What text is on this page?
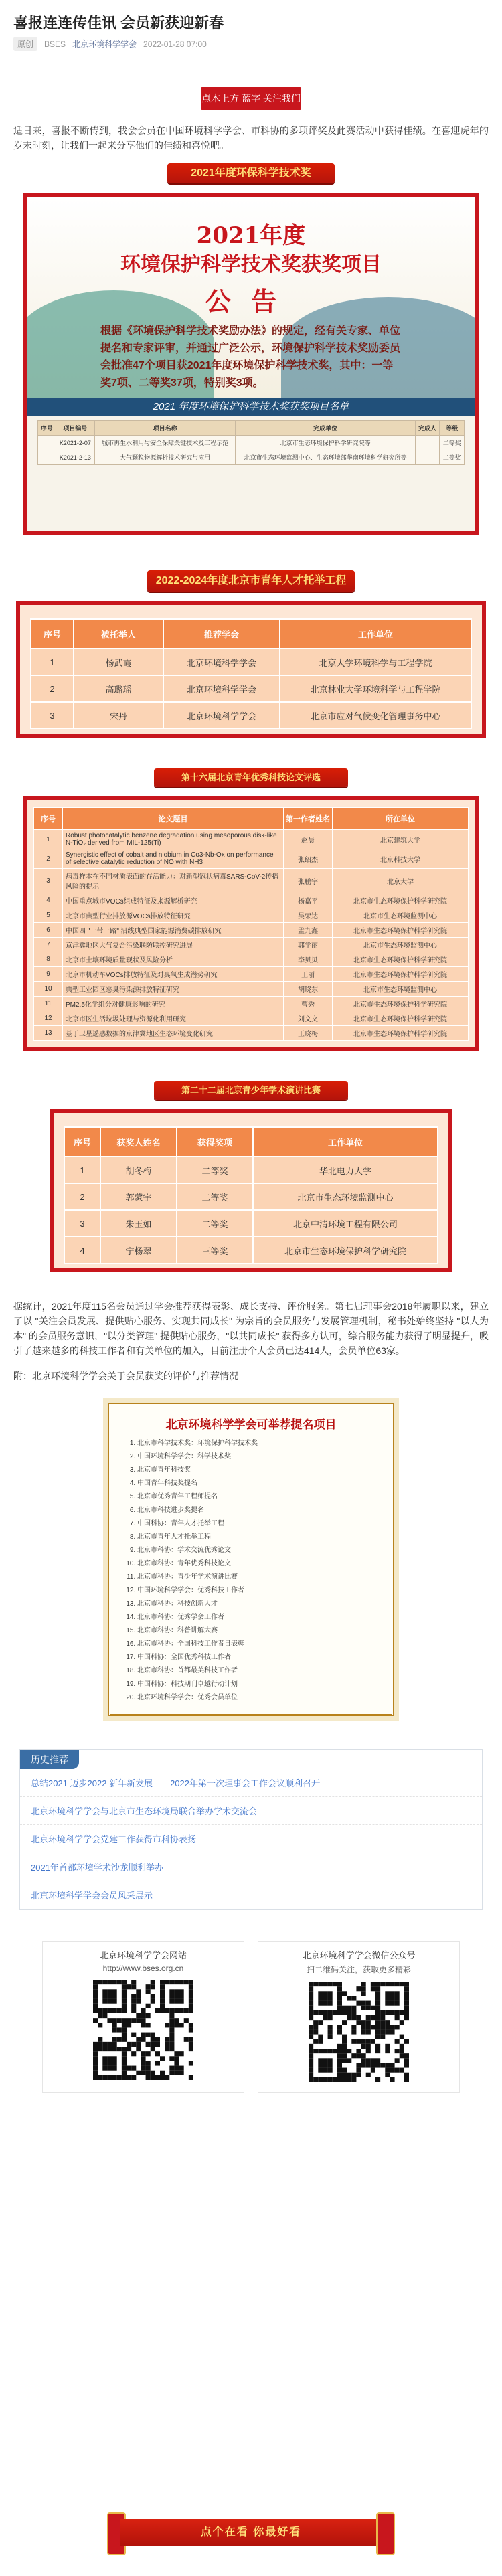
喜报连连传佳讯 会员新获迎新春
原创	BSES 北京环境科学学会 2022-01-28 07:00
点木上方 蓝字 关注我们

适日来，喜报不断传到，我会会员在中国环境科学学会、市科协的多项评奖及此赛活动中获得佳绩。在喜迎虎年的岁末时刻，让我们一起来分享他们的佳绩和喜悦吧。

2021年度环保科学技术奖
2021年度
环境保护科学技术奖获奖项目
公告
根据《环境保护科学技术奖励办法》的规定，经有关专家、单位提名和专家评审，并通过广泛公示，环境保护科学技术奖励委员会批准47个项目获2021年度环境保护科学技术奖，其中：一等奖7项、二等奖37项，特别奖3项。
2021 年度环境保护科学技术奖获奖项目名单
序号	项目编号	项目名称	完成单位	完成人	等级
	K2021-2-07	城市再生水利用与安全保障关键技术及工程示范	北京市生态环境保护科学研究院等		二等奖
	K2021-2-13	大气颗粒物源解析技术研究与应用	北京市生态环境监测中心、生态环境部华南环境科学研究所等		二等奖
2022-2024年度北京市青年人才托举工程
序号	被托举人	推荐学会	工作单位
1	杨武霞	北京环境科学学会	北京大学环境科学与工程学院
2	高璐瑶	北京环境科学学会	北京林业大学环境科学与工程学院
3	宋丹	北京环境科学学会	北京市应对气候变化管理事务中心
第十六届北京青年优秀科技论文评选
序号	论文题目	第一作者姓名	所在单位
1	Robust photocatalytic benzene degradation using mesoporous disk-like N-TiO₂ derived from MIL-125(Ti)	赵晨	北京建筑大学
2	Synergistic effect of cobalt and niobium in Co3-Nb-Ox on performance of selective catalytic reduction of NO with NH3	张绍杰	北京科技大学
3	病毒样本在不同材质表面的存活能力：对新型冠状病毒SARS-CoV-2传播风险的提示	张鹏宇	北京大学
4	中国重点城市VOCs组成特征及来源解析研究	杨嘉平	北京市生态环境保护科学研究院
5	北京市典型行业排放源VOCs排放特征研究	吴荣达	北京市生态环境监测中心
6	中国四 "一带一路" 沿线典型国家能源消费碳排放研究	孟九鑫	北京市生态环境保护科学研究院
7	京津冀地区大气复合污染联防联控研究进展	郭学丽	北京市生态环境监测中心
8	北京市土壤环境质量现状及风险分析	李贝贝	北京市生态环境保护科学研究院
9	北京市机动车VOCs排放特征及对臭氧生成潜势研究	王丽	北京市生态环境保护科学研究院
10	典型工业园区恶臭污染源排放特征研究	胡晓东	北京市生态环境监测中心
11	PM2.5化学组分对健康影响的研究	曹秀	北京市生态环境保护科学研究院
12	北京市区生活垃圾处理与资源化利用研究	刘文文	北京市生态环境保护科学研究院
13	基于卫星遥感数据的京津冀地区生态环境变化研究	王晓梅	北京市生态环境保护科学研究院
第二十二届北京青少年学术演讲比赛
序号	获奖人姓名	获得奖项	工作单位
1	胡冬梅	二等奖	华北电力大学
2	郭蒙宇	二等奖	北京市生态环境监测中心
3	朱玉如	二等奖	北京中清环境工程有限公司
4	宁杨翠	三等奖	北京市生态环境保护科学研究院

据统计，2021年度115名会员通过学会推荐获得表彰、成长支持、评价服务。第七届理事会2018年履职以来，建立了以 "关注会员发展、提供贴心服务、实现共同成长" 为宗旨的会员服务与发展管理机制，秘书处始终坚持 "以人为本" 的会员服务意识，"以分类管理" 提供贴心服务，"以共同成长" 获得多方认可，综合服务能力获得了明显提升，吸引了越来越多的科技工作者和有关单位的加入，目前注册个人会员已达414人，会员单位63家。

附：北京环境科学学会关于会员获奖的评价与推荐情况

北京环境科学学会可举荐提名项目
1. 北京市科学技术奖：环境保护科学技术奖
2. 中国环境科学学会：科学技术奖
3. 北京市青年科技奖
4. 中国青年科技奖提名
5. 北京市优秀青年工程师提名
6. 北京市科技进步奖提名
7. 中国科协：青年人才托举工程
8. 北京市青年人才托举工程
9. 北京市科协：学术交流优秀论文
10. 北京市科协：青年优秀科技论文
11. 北京市科协：青少年学术演讲比赛
12. 中国环境科学学会：优秀科技工作者
13. 北京市科协：科技创新人才
14. 北京市科协：优秀学会工作者
15. 北京市科协：科普讲解大赛
16. 北京市科协：全国科技工作者日表彰
17. 中国科协：全国优秀科技工作者
18. 北京市科协：首都最美科技工作者
19. 中国科协：科技期刊卓越行动计划
20. 北京环境科学学会：优秀会员单位
历史推荐
总结2021 迈步2022 新年新发展——2022年第一次理事会工作会议顺利召开
北京环境科学学会与北京市生态环境局联合举办学术交流会
北京环境科学学会党建工作获得市科协表扬
2021年首都环境学术沙龙顺利举办
北京环境科学学会会员风采展示
北京环境科学学会网站
http://www.bses.org.cn
北京环境科学学会微信公众号
扫二维码关注，获取更多精彩
点个在看 你最好看
